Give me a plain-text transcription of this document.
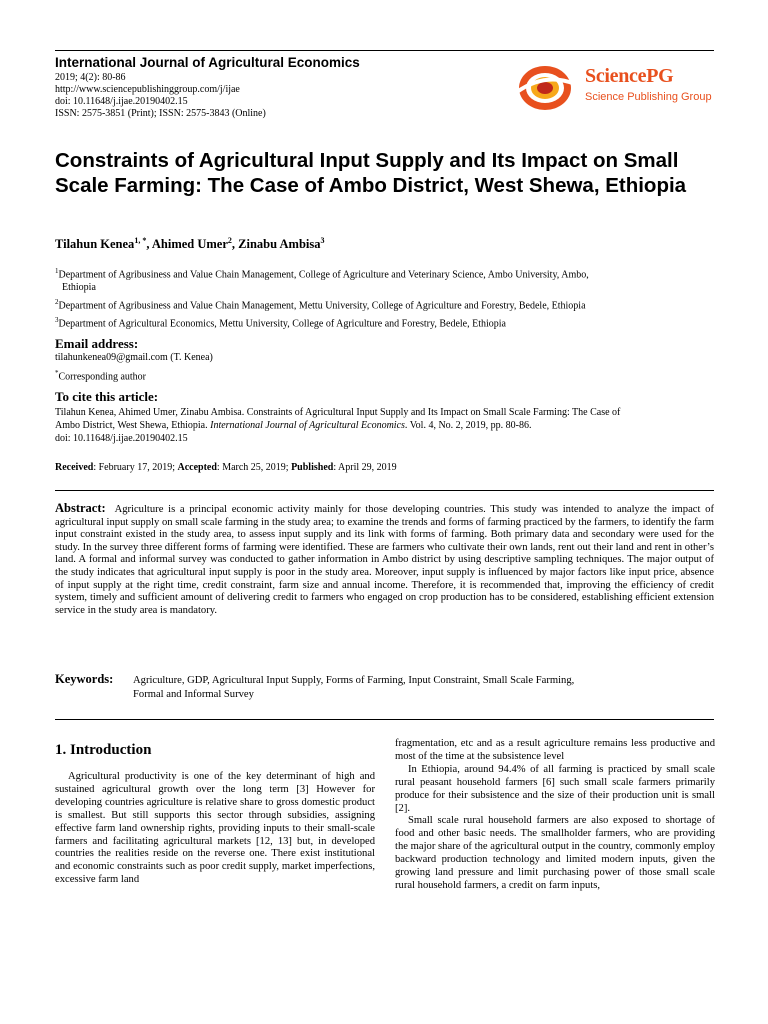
International Journal of Agricultural Economics
2019; 4(2): 80-86
http://www.sciencepublishinggroup.com/j/ijae
doi: 10.11648/j.ijae.20190402.15
ISSN: 2575-3851 (Print); ISSN: 2575-3843 (Online)
SciencePG
Science Publishing Group
Constraints of Agricultural Input Supply and Its Impact on Small Scale Farming: The Case of Ambo District, West Shewa, Ethiopia
Tilahun Kenea$^{1, *}$, Ahimed Umer$^2$, Zinabu Ambisa$^3$
$^1$Department of Agribusiness and Value Chain Management, College of Agriculture and Veterinary Science, Ambo University, Ambo,
Ethiopia
$^2$Department of Agribusiness and Value Chain Management, Mettu University, College of Agriculture and Forestry, Bedele, Ethiopia
$^3$Department of Agricultural Economics, Mettu University, College of Agriculture and Forestry, Bedele, Ethiopia
Email address:
tilahunkenea09@gmail.com (T. Kenea)
*Corresponding author
To cite this article:
Tilahun Kenea, Ahimed Umer, Zinabu Ambisa. Constraints of Agricultural Input Supply and Its Impact on Small Scale Farming: The Case of
Ambo District, West Shewa, Ethiopia. International Journal of Agricultural Economics. Vol. 4, No. 2, 2019, pp. 80-86.
doi: 10.11648/j.ijae.20190402.15
Received: February 17, 2019; Accepted: March 25, 2019; Published: April 29, 2019
Abstract: Agriculture is a principal economic activity mainly for those developing countries. This study was intended to analyze the impact of agricultural input supply on small scale farming in the study area; to examine the trends and forms of farming practiced by the farmers, to identify the farm input constraint existed in the study area, to assess input supply and its link with forms of farming. Both primary data and secondary were used for the study. In the survey three different forms of farming were identified. These are farmers who cultivate their own lands, rent out their land and rent in other’s land. A formal and informal survey was conducted to gather information in Ambo district by using descriptive sampling techniques. The major output of the study indicates that agricultural input supply is poor in the study area. Moreover, input supply is influenced by major factors like input price, absence of input supply at the right time, credit constraint, farm size and annual income. Therefore, it is recommended that, improving the efficiency of credit system, timely and sufficient amount of delivering credit to farmers who engaged on crop production has to be considered, establishing efficient extension service in the study area is mandatory.
Keywords: Agriculture, GDP, Agricultural Input Supply, Forms of Farming, Input Constraint, Small Scale Farming,
Formal and Informal Survey
1. Introduction

Agricultural productivity is one of the key determinant of high and sustained agricultural growth over the long term [3] However for developing countries agriculture is relative share to gross domestic product is smallest. But still supports this sector through subsidies, assigning effective farm land ownership rights, providing inputs to their small-scale farmers and facilitating agricultural markets [12, 13] but, in developed countries the realities reside on the reverse one. There exist institutional and economic constraints such as poor credit supply, market imperfections, excessive farm land

fragmentation, etc and as a result agriculture remains less productive and most of the time at the subsistence level

In Ethiopia, around 94.4% of all farming is practiced by small scale rural peasant household farmers [6] such small scale farmers primarily produce for their subsistence and the size of their production unit is small [2].

Small scale rural household farmers are also exposed to shortage of food and other basic needs. The smallholder farmers, who are providing the major share of the agricultural output in the country, commonly employ backward production technology and limited modern inputs, given the growing land pressure and limit purchasing power of those small scale rural household farmers, a credit on farm inputs,
